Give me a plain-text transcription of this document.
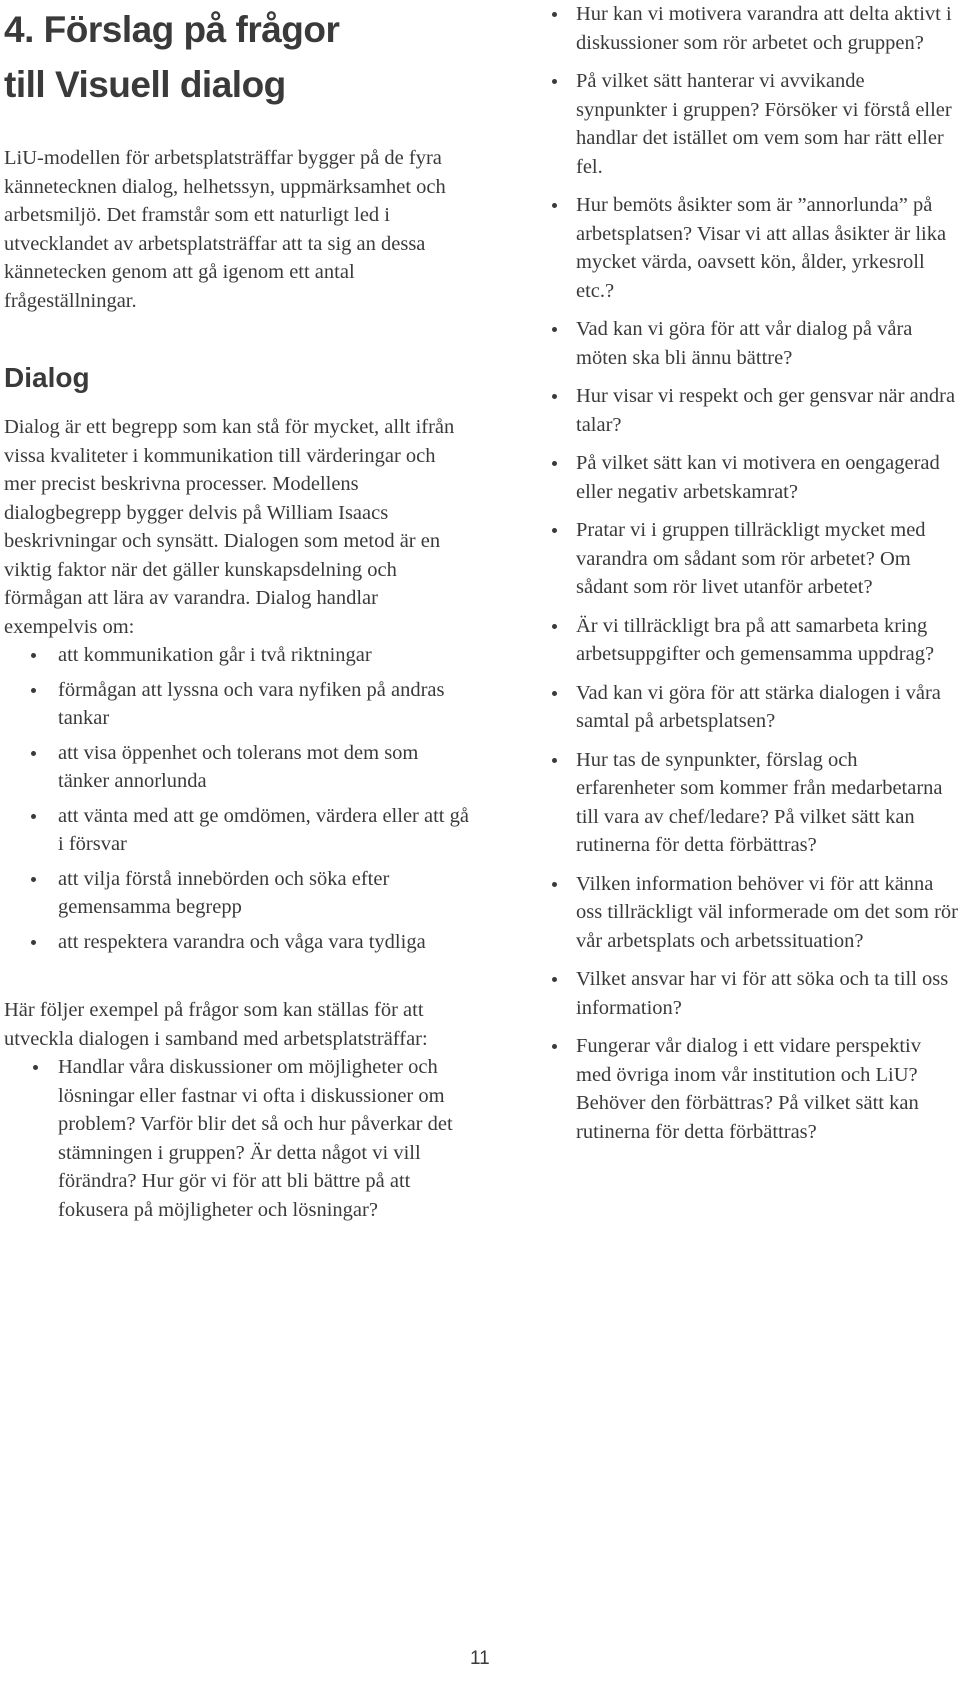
4. Förslag på frågor
till Visuell dialog

LiU-modellen för arbetsplatsträffar bygger på de fyra kännetecknen dialog, helhetssyn, uppmärksamhet och arbetsmiljö. Det framstår som ett naturligt led i utvecklandet av arbetsplatsträffar att ta sig an dessa kännetecken genom att gå igenom ett antal frågeställningar.

Dialog

Dialog är ett begrepp som kan stå för mycket, allt ifrån vissa kvaliteter i kommunikation till värderingar och mer precist beskrivna processer. Modellens dialogbegrepp bygger delvis på William Isaacs beskrivningar och synsätt. Dialogen som metod är en viktig faktor när det gäller kunskapsdelning och förmågan att lära av varandra. Dialog handlar exempelvis om:

att kommunikation går i två riktningar
förmågan att lyssna och vara nyfiken på andras tankar
att visa öppenhet och tolerans mot dem som tänker annorlunda
att vänta med att ge omdömen, värdera eller att gå i försvar
att vilja förstå innebörden och söka efter gemensamma begrepp
att respektera varandra och våga vara tydliga

Här följer exempel på frågor som kan ställas för att utveckla dialogen i samband med arbetsplatsträffar:

Handlar våra diskussioner om möjligheter och lösningar eller fastnar vi ofta i diskussioner om problem? Varför blir det så och hur påverkar det stämningen i gruppen? Är detta något vi vill förändra? Hur gör vi för att bli bättre på att fokusera på möjligheter och lösningar?
Hur kan vi motivera varandra att delta aktivt i diskussioner som rör arbetet och gruppen?
På vilket sätt hanterar vi avvikande synpunkter i gruppen? Försöker vi förstå eller handlar det istället om vem som har rätt eller fel.
Hur bemöts åsikter som är ”annorlunda” på arbetsplatsen? Visar vi att allas åsikter är lika mycket värda, oavsett kön, ålder, yrkesroll etc.?
Vad kan vi göra för att vår dialog på våra möten ska bli ännu bättre?
Hur visar vi respekt och ger gensvar när andra talar?
På vilket sätt kan vi motivera en oengagerad eller negativ arbetskamrat?
Pratar vi i gruppen tillräckligt mycket med varandra om sådant som rör arbetet? Om sådant som rör livet utanför arbetet?
Är vi tillräckligt bra på att samarbeta kring arbetsuppgifter och gemensamma uppdrag?
Vad kan vi göra för att stärka dialogen i våra samtal på arbetsplatsen?
Hur tas de synpunkter, förslag och erfarenheter som kommer från medarbetarna till vara av chef/ledare? På vilket sätt kan rutinerna för detta förbättras?
Vilken information behöver vi för att känna oss tillräckligt väl informerade om det som rör vår arbetsplats och arbetssituation?
Vilket ansvar har vi för att söka och ta till oss information?
Fungerar vår dialog i ett vidare perspektiv med övriga inom vår institution och LiU? Behöver den förbättras? På vilket sätt kan rutinerna för detta förbättras?
11
